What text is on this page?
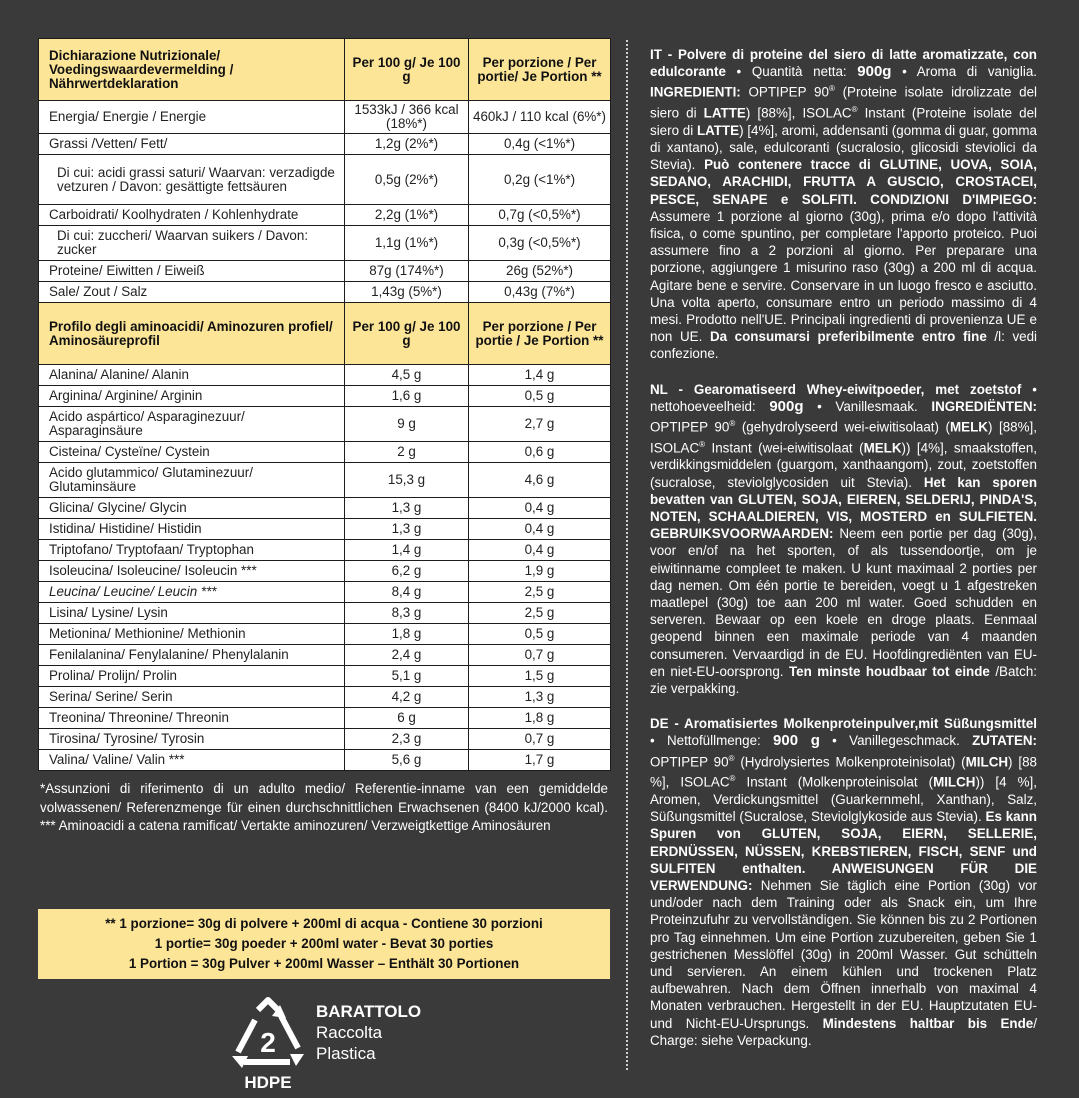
Dichiarazione Nutrizionale/ Voedingswaardevermelding / Nährwertdeklaration	Per 100 g/ Je 100 g	Per porzione / Per portie/ Je Portion **
Energia/ Energie / Energie	1533kJ / 366 kcal (18%*)	460kJ / 110 kcal (6%*)
Grassi /Vetten/ Fett/	1,2g (2%*)	0,4g (<1%*)
Di cui: acidi grassi saturi/ Waarvan: verzadigde vetzuren / Davon: gesättigte fettsäuren	0,5g (2%*)	0,2g (<1%*)
Carboidrati/ Koolhydraten / Kohlenhydrate	2,2g (1%*)	0,7g (<0,5%*)
Di cui: zuccheri/ Waarvan suikers / Davon: zucker	1,1g (1%*)	0,3g (<0,5%*)
Proteine/ Eiwitten / Eiweiß	87g (174%*)	26g (52%*)
Sale/ Zout / Salz	1,43g (5%*)	0,43g (7%*)
Profilo degli aminoacidi/ Aminozuren profiel/ Aminosäureprofil	Per 100 g/ Je 100 g	Per porzione / Per portie / Je Portion **
Alanina/ Alanine/ Alanin	4,5 g	1,4 g
Arginina/ Arginine/ Arginin	1,6 g	0,5 g
Acido aspártico/ Asparaginezuur/ Asparaginsäure	9 g	2,7 g
Cisteina/ Cysteïne/ Cystein	2 g	0,6 g
Acido glutammico/ Glutaminezuur/ Glutaminsäure	15,3 g	4,6 g
Glicina/ Glycine/ Glycin	1,3 g	0,4 g
Istidina/ Histidine/ Histidin	1,3 g	0,4 g
Triptofano/ Tryptofaan/ Tryptophan	1,4 g	0,4 g
Isoleucina/ Isoleucine/ Isoleucin ***	6,2 g	1,9 g
Leucina/ Leucine/ Leucin ***	8,4 g	2,5 g
Lisina/ Lysine/ Lysin	8,3 g	2,5 g
Metionina/ Methionine/ Methionin	1,8 g	0,5 g
Fenilalanina/ Fenylalanine/ Phenylalanin	2,4 g	0,7 g
Prolina/ Proliјn/ Prolin	5,1 g	1,5 g
Serina/ Serine/ Serin	4,2 g	1,3 g
Treonina/ Threonine/ Threonin	6 g	1,8 g
Tirosina/ Tyrosine/ Tyrosin	2,3 g	0,7 g
Valina/ Valine/ Valin ***	5,6 g	1,7 g
*Assunzioni di riferimento di un adulto medio/ Referentie-inname van een gemiddelde volwassenen/ Referenzmenge für einen durchschnittlichen Erwachsenen (8400 kJ/2000 kcal). *** Aminoacidi a catena ramificat/ Vertakte aminozuren/ Verzweigtkettige Aminosäuren
** 1 porzione= 30g di polvere + 200ml di acqua - Contiene 30 porzioni
1 portie= 30g poeder + 200ml water - Bevat 30 porties
1 Portion = 30g Pulver + 200ml Wasser – Enthält 30 Portionen
2
HDPE
BARATTOLO
Raccolta
Plastica

IT - Polvere di proteine del siero di latte aromatizzate, con edulcorante • Quantità netta: 900g • Aroma di vaniglia. INGREDIENTI: OPTIPEP 90® (Proteine isolate idrolizzate del siero di LATTE) [88%], ISOLAC® Instant (Proteine isolate del siero di LATTE) [4%], aromi, addensanti (gomma di guar, gomma di xantano), sale, edulcoranti (sucralosio, glicosidi steviolici da Stevia). Può contenere tracce di GLUTINE, UOVA, SOIA, SEDANO, ARACHIDI, FRUTTA A GUSCIO, CROSTACEI, PESCE, SENAPE e SOLFITI. CONDIZIONI D'IMPIEGO: Assumere 1 porzione al giorno (30g), prima e/o dopo l'attività fisica, o come spuntino, per completare l'apporto proteico. Puoi assumere fino a 2 porzioni al giorno. Per preparare una porzione, aggiungere 1 misurino raso (30g) a 200 ml di acqua. Agitare bene e servire. Conservare in un luogo fresco e asciutto. Una volta aperto, consumare entro un periodo massimo di 4 mesi. Prodotto nell'UE. Principali ingredienti di provenienza UE e non UE. Da consumarsi preferibilmente entro fine /l: vedi confezione.

NL - Gearomatiseerd Whey-eiwitpoeder, met zoetstof • nettohoeveelheid: 900g • Vanillesmaak. INGREDIËNTEN: OPTIPEP 90® (gehydrolyseerd wei-eiwitisolaat) (MELK) [88%], ISOLAC® Instant (wei-eiwitisolaat (MELK)) [4%], smaakstoffen, verdikkingsmiddelen (guargom, xanthaangom), zout, zoetstoffen (sucralose, steviolglycosiden uit Stevia). Het kan sporen bevatten van GLUTEN, SOJA, EIEREN, SELDERIJ, PINDA'S, NOTEN, SCHAALDIEREN, VIS, MOSTERD en SULFIETEN. GEBRUIKSVOORWAARDEN: Neem een portie per dag (30g), voor en/of na het sporten, of als tussendoortje, om je eiwitinname compleet te maken. U kunt maximaal 2 porties per dag nemen. Om één portie te bereiden, voegt u 1 afgestreken maatlepel (30g) toe aan 200 ml water. Goed schudden en serveren. Bewaar op een koele en droge plaats. Eenmaal geopend binnen een maximale periode van 4 maanden consumeren. Vervaardigd in de EU. Hoofdingrediënten van EU- en niet-EU-oorsprong. Ten minste houdbaar tot einde /Batch: zie verpakking.

DE - Aromatisiertes Molkenproteinpulver,mit Süßungsmittel • Nettofüllmenge: 900 g • Vanillegeschmack. ZUTATEN: OPTIPEP 90® (Hydrolysiertes Molkenproteinisolat) (MILCH) [88 %], ISOLAC® Instant (Molkenproteinisolat (MILCH)) [4 %], Aromen, Verdickungsmittel (Guarkernmehl, Xanthan), Salz, Süßungsmittel (Sucralose, Steviolglykoside aus Stevia). Es kann Spuren von GLUTEN, SOJA, EIERN, SELLERIE, ERDNÜSSEN, NÜSSEN, KREBSTIEREN, FISCH, SENF und SULFITEN enthalten. ANWEISUNGEN FÜR DIE VERWENDUNG: Nehmen Sie täglich eine Portion (30g) vor und/oder nach dem Training oder als Snack ein, um Ihre Proteinzufuhr zu vervollständigen. Sie können bis zu 2 Portionen pro Tag einnehmen. Um eine Portion zuzubereiten, geben Sie 1 gestrichenen Messlöffel (30g) in 200ml Wasser. Gut schütteln und servieren. An einem kühlen und trockenen Platz aufbewahren. Nach dem Öffnen innerhalb von maximal 4 Monaten verbrauchen. Hergestellt in der EU. Hauptzutaten EU- und Nicht-EU-Ursprungs. Mindestens haltbar bis Ende/ Charge: siehe Verpackung.
